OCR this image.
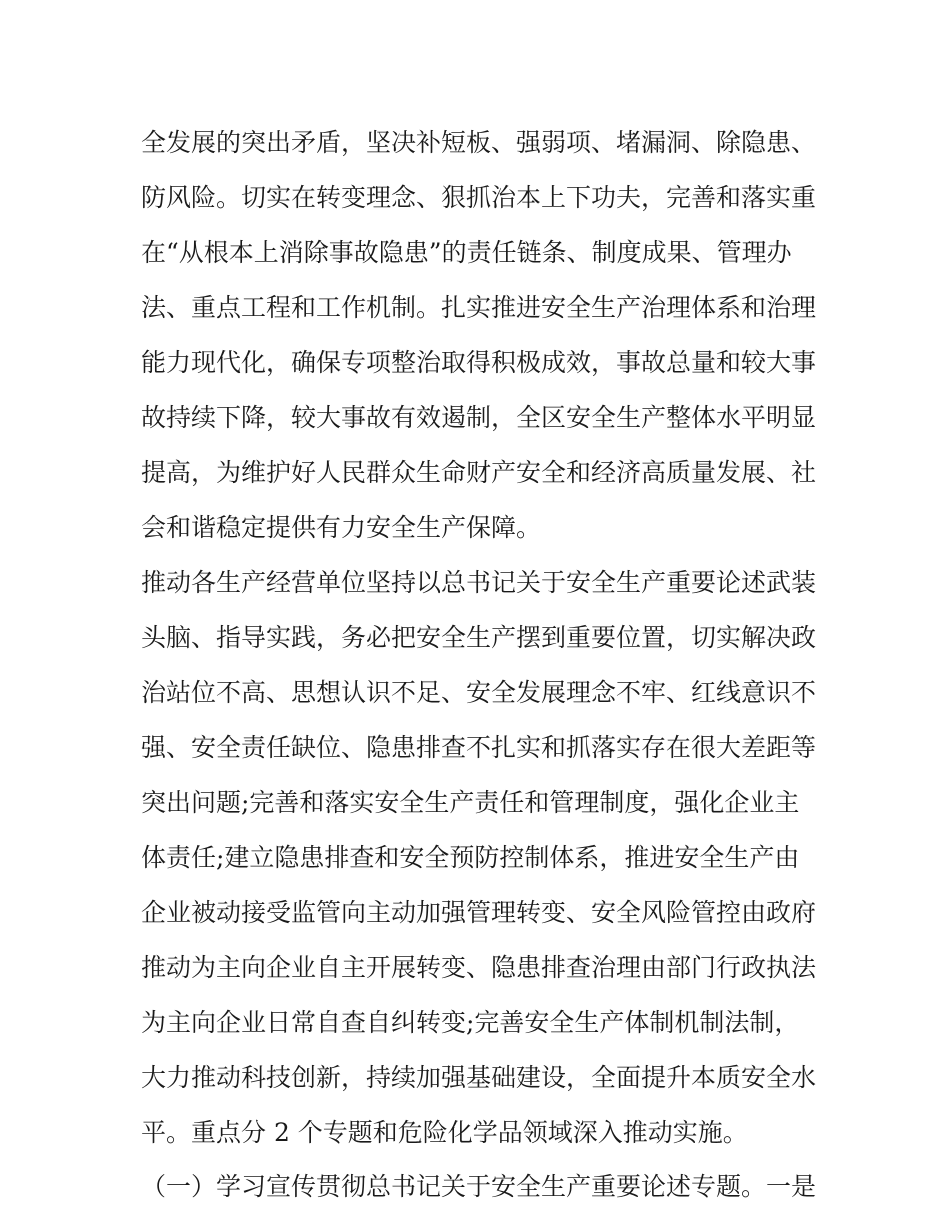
全发展的突出矛盾，坚决补短板、强弱项、堵漏洞、除隐患、
防风险。切实在转变理念、狠抓治本上下功夫，完善和落实重
在“从根本上消除事故隐患”的责任链条、制度成果、管理办
法、重点工程和工作机制。扎实推进安全生产治理体系和治理
能力现代化，确保专项整治取得积极成效，事故总量和较大事
故持续下降，较大事故有效遏制，全区安全生产整体水平明显
提高，为维护好人民群众生命财产安全和经济高质量发展、社
会和谐稳定提供有力安全生产保障。
推动各生产经营单位坚持以总书记关于安全生产重要论述武装
头脑、指导实践，务必把安全生产摆到重要位置，切实解决政
治站位不高、思想认识不足、安全发展理念不牢、红线意识不
强、安全责任缺位、隐患排查不扎实和抓落实存在很大差距等
突出问题;完善和落实安全生产责任和管理制度，强化企业主
体责任;建立隐患排查和安全预防控制体系，推进安全生产由
企业被动接受监管向主动加强管理转变、安全风险管控由政府
推动为主向企业自主开展转变、隐患排查治理由部门行政执法
为主向企业日常自查自纠转变;完善安全生产体制机制法制，
大力推动科技创新，持续加强基础建设，全面提升本质安全水
平。重点分 2 个专题和危险化学品领域深入推动实施。
（一）学习宣传贯彻总书记关于安全生产重要论述专题。一是
